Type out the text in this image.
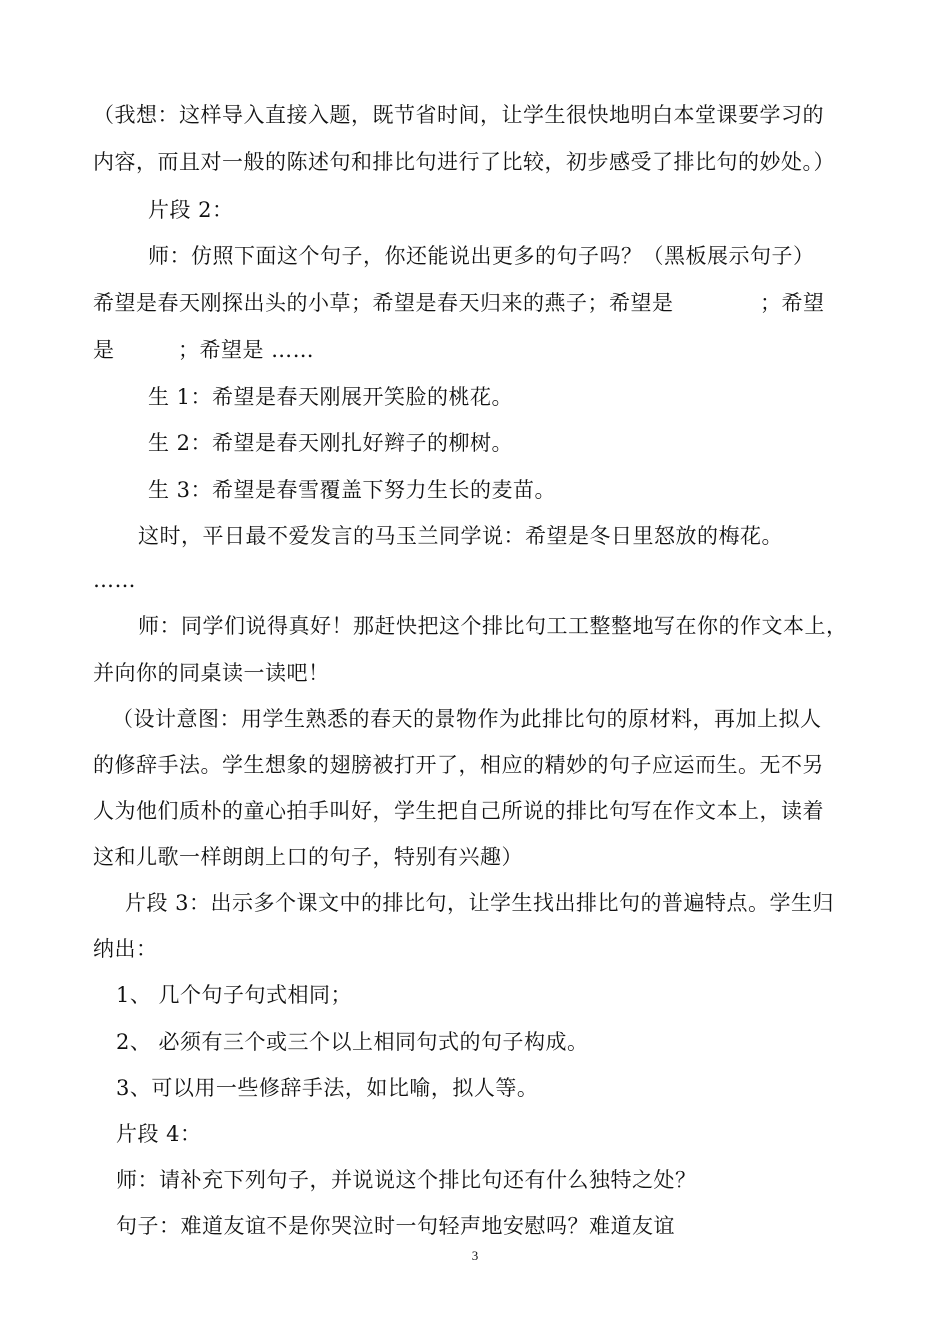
（我想：这样导入直接入题，既节省时间，让学生很快地明白本堂课要学习的
内容，而且对一般的陈述句和排比句进行了比较，初步感受了排比句的妙处。）
片段 2：
师：仿照下面这个句子，你还能说出更多的句子吗？（黑板展示句子）
希望是春天刚探出头的小草；希望是春天归来的燕子；希望是	；希望
是	；希望是 ……
生 1：希望是春天刚展开笑脸的桃花。
生 2：希望是春天刚扎好辫子的柳树。
生 3：希望是春雪覆盖下努力生长的麦苗。
这时，平日最不爱发言的马玉兰同学说：希望是冬日里怒放的梅花。
……
师：同学们说得真好！那赶快把这个排比句工工整整地写在你的作文本上，
并向你的同桌读一读吧！
（设计意图：用学生熟悉的春天的景物作为此排比句的原材料，再加上拟人
的修辞手法。学生想象的翅膀被打开了，相应的精妙的句子应运而生。无不另
人为他们质朴的童心拍手叫好，学生把自己所说的排比句写在作文本上，读着
这和儿歌一样朗朗上口的句子，特别有兴趣）
片段 3：出示多个课文中的排比句，让学生找出排比句的普遍特点。学生归
纳出：
1、 几个句子句式相同；
2、 必须有三个或三个以上相同句式的句子构成。
3、可以用一些修辞手法，如比喻，拟人等。
片段 4：
师：请补充下列句子，并说说这个排比句还有什么独特之处？
句子：难道友谊不是你哭泣时一句轻声地安慰吗？难道友谊
3
